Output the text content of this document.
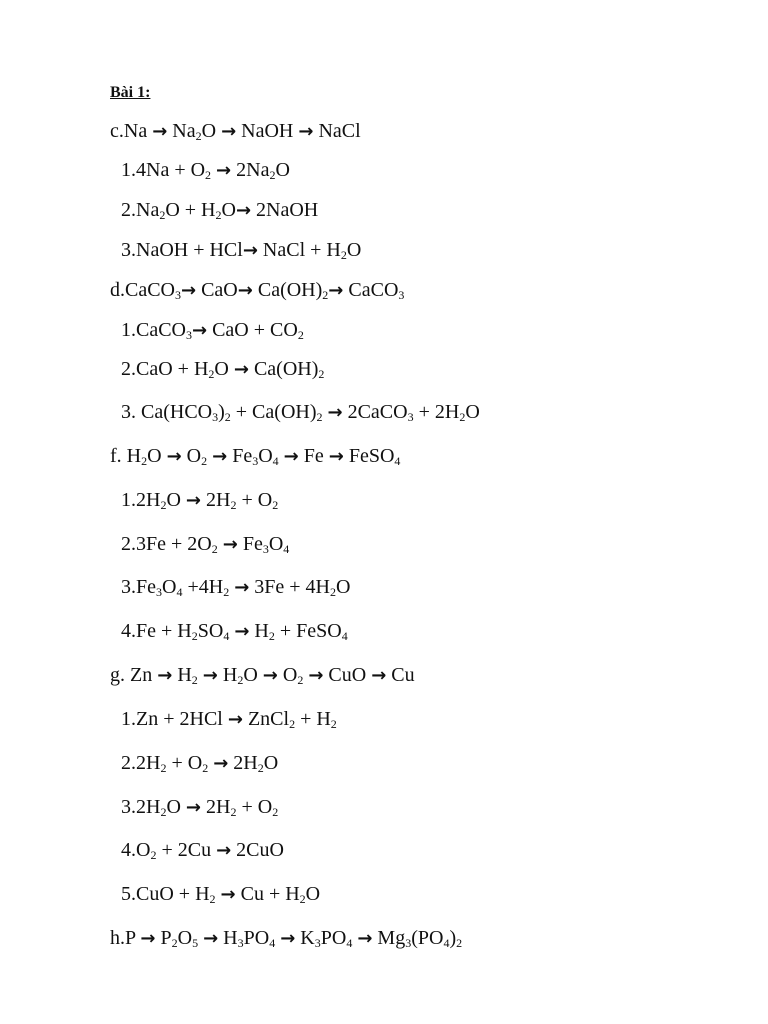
Bài 1:
$c.Na \to Na_2O$ → NaOH → NaCl
$1.4Na + O_2 \to 2Na_2O$
$2.Na_2O + H_2O\to$ 2NaOH
3.NaOH + HCl→ NaCl + $H_2O$
d.CaCO$_3$→ $CaO\to Ca(OH)_2\to$ CaCO$_3$
1.CaCO$_3$→ CaO + $CO_2$
$2.CaO + H_2O \to Ca(OH)_2$
3. $Ca(HCO_3)_2 + Ca(OH)_2$ → 2CaCO$_3$ + $2H_2O$
f. $H_2O \to O_2 \to Fe_3O_4 \to Fe$ → FeSO$_4$
$1.2H_2O \to 2H_2 + O_2$
$2.3Fe + 2O_2 \to Fe_3O_4$
$3.Fe_3O_4 +4H_2 \to 3Fe + 4H_2O$
$4.Fe + H_2SO_4 \to H_2$ + FeSO$_4$
g. $Zn \to H_2 \to H_2O \to O_2$ → CuO → Cu
1.Zn + 2HCl → ZnCl$_2$ + $H_2$
$2.2H_2 + O_2 \to 2H_2O$
$3.2H_2O \to 2H_2 + O_2$
$4.O_2 + 2Cu \to 2CuO$
$5.CuO + H_2 \to Cu + H_2O$
$h.P \to P_2O_5 \to H_3PO_4 \to K_3PO_4 \to Mg_3(PO_4)_2$
